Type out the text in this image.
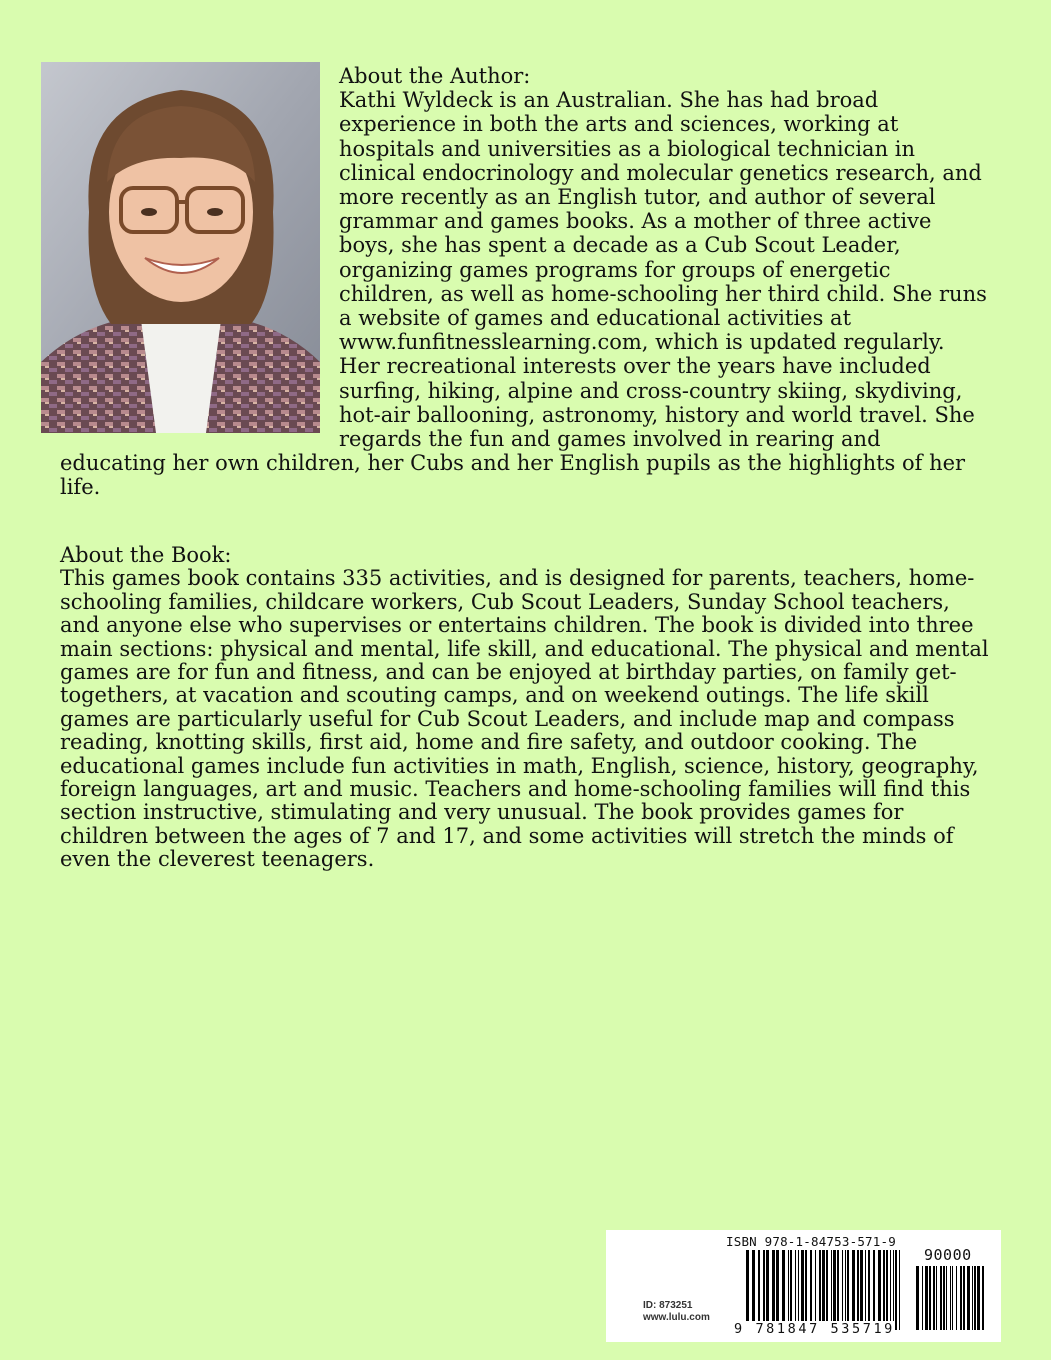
About the Author:

Kathi Wyldeck is an Australian. She has had broad experience in both the arts and sciences, working at hospitals and universities as a biological technician in clinical endocrinology and molecular genetics research, and more recently as an English tutor, and author of several grammar and games books. As a mother of three active boys, she has spent a decade as a Cub Scout Leader, organizing games programs for groups of energetic children, as well as home-schooling her third child. She runs a website of games and educational activities at www.funfitnesslearning.com, which is updated regularly. Her recreational interests over the years have included surfing, hiking, alpine and cross-country skiing, skydiving, hot-air ballooning, astronomy, history and world travel. She regards the fun and games involved in rearing and educating her own children, her Cubs and her English pupils as the highlights of her life.

About the Book:

This games book contains 335 activities, and is designed for parents, teachers, home-schooling families, childcare workers, Cub Scout Leaders, Sunday School teachers, and anyone else who supervises or entertains children. The book is divided into three main sections: physical and mental, life skill, and educational. The physical and mental games are for fun and fitness, and can be enjoyed at birthday parties, on family get-togethers, at vacation and scouting camps, and on weekend outings. The life skill games are particularly useful for Cub Scout Leaders, and include map and compass reading, knotting skills, first aid, home and fire safety, and outdoor cooking. The educational games include fun activities in math, English, science, history, geography, foreign languages, art and music. Teachers and home-schooling families will find this section instructive, stimulating and very unusual. The book provides games for children between the ages of 7 and 17, and some activities will stretch the minds of even the cleverest teenagers.

ISBN 978-1-84753-571-9
90000
ID: 873251
www.lulu.com
9 781847 535719
